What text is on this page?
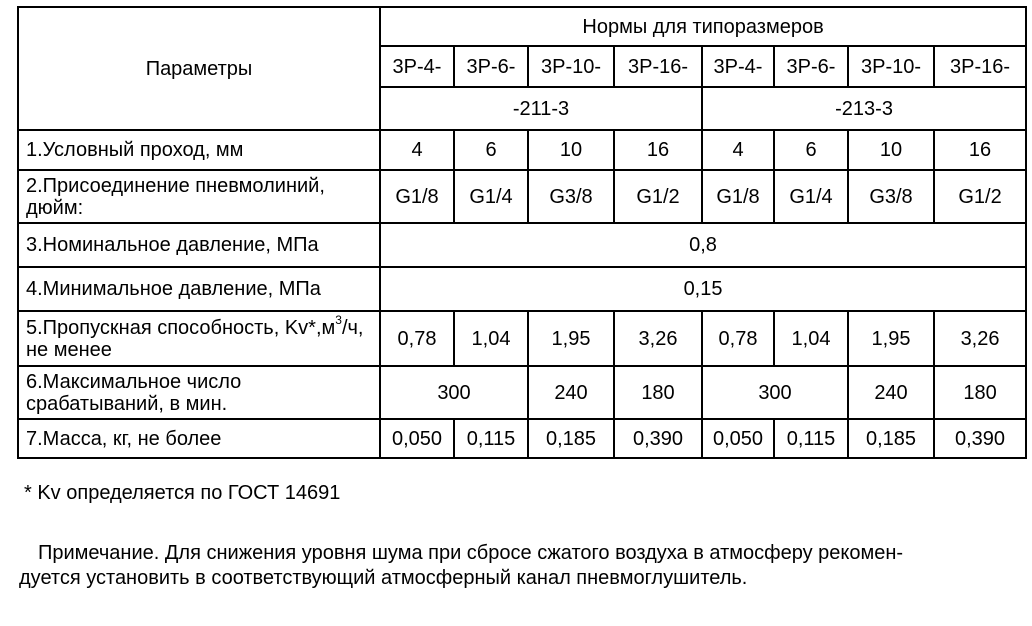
Параметры	Нормы для типоразмеров							
	3Р-4-	3Р-6-	3Р-10-	3Р-16-	3Р-4-	3Р-6-	3Р-10-	3Р-16-
	-211-3				-213-3			
1.Условный проход, мм	4	6	10	16	4	6	10	16
2.Присоединение пневмолиний, дюйм:	G1/8	G1/4	G3/8	G1/2	G1/8	G1/4	G3/8	G1/2
3.Номинальное давление, МПа	0,8							
4.Минимальное давление, МПа	0,15							
5.Пропускная способность, $Kv*,м^3/ч$, не менее	0,78	1,04	1,95	3,26	0,78	1,04	1,95	3,26
6.Максимальное число срабатываний, в мин.	300		240	180	300		240	180
7.Масса, кг, не более	0,050	0,115	0,185	0,390	0,050	0,115	0,185	0,390
* Kv определяется по ГОСТ 14691
Примечание. Для снижения уровня шума при сбросе сжатого воздуха в атмосферу рекомен-
дуется установить в соответствующий атмосферный канал пневмоглушитель.
